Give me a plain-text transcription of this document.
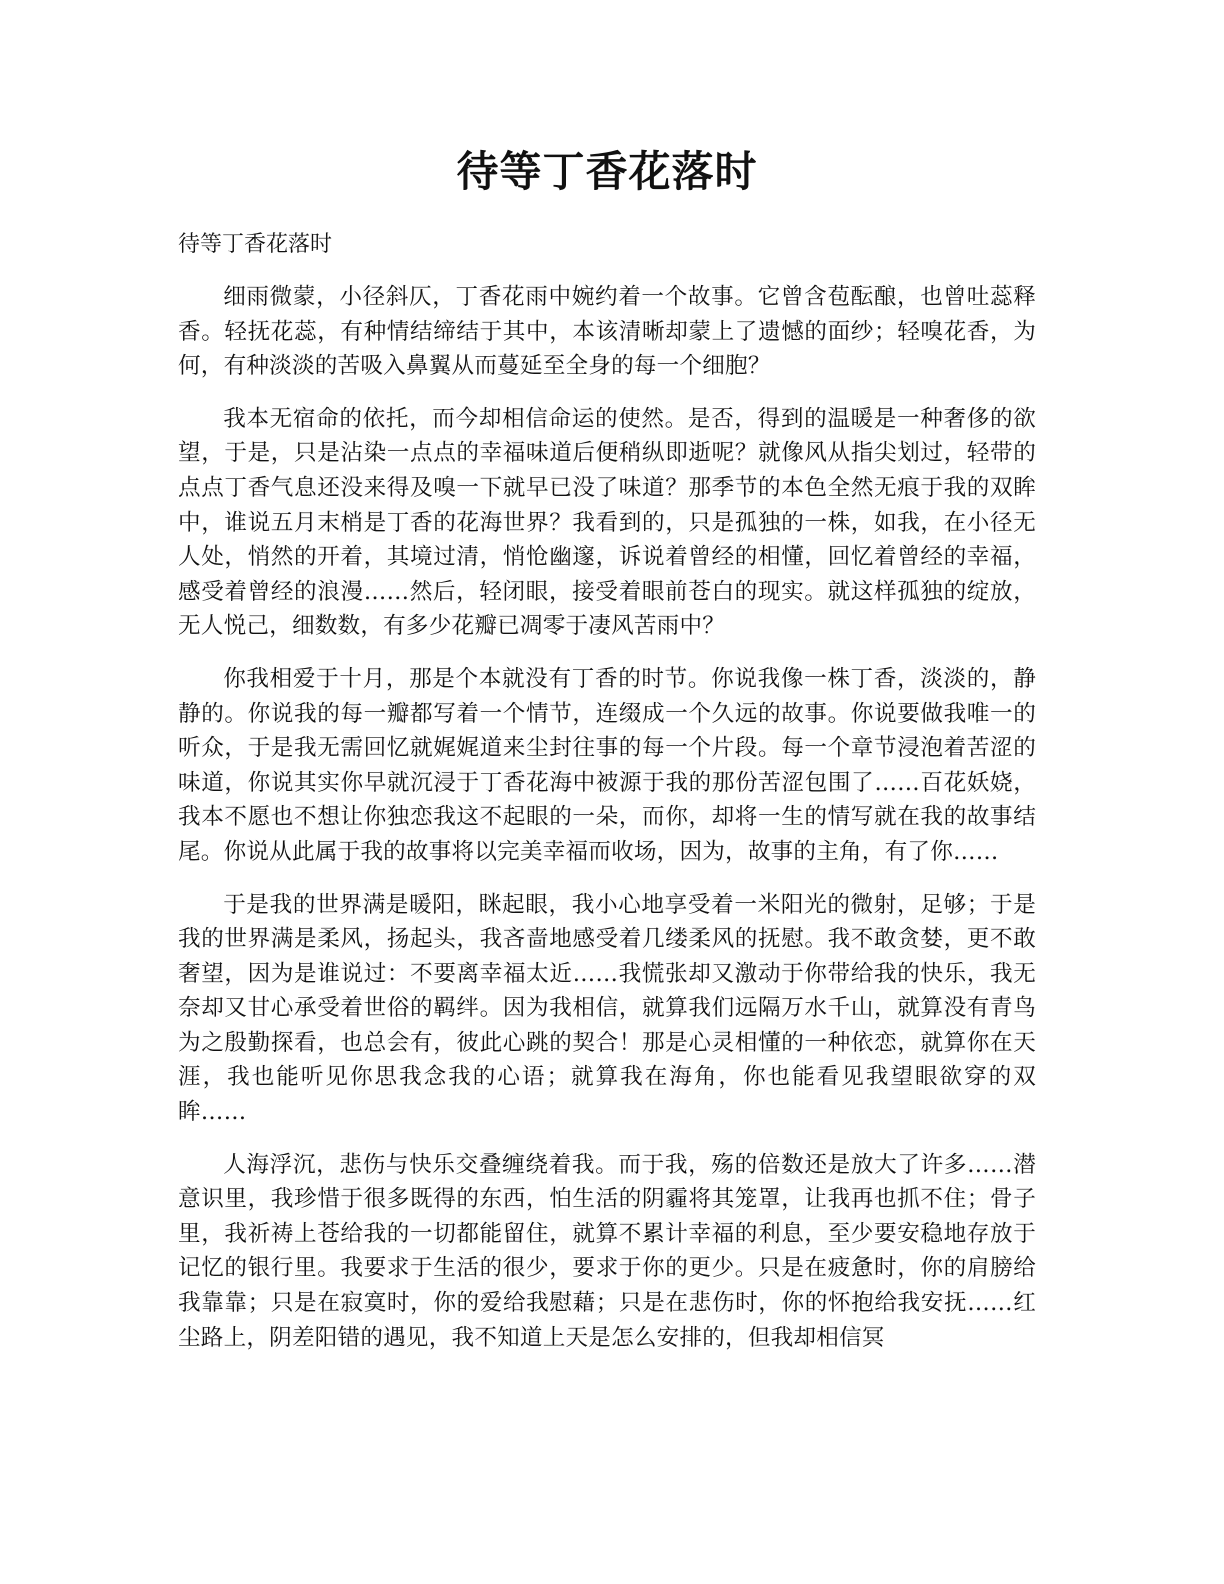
待等丁香花落时

待等丁香花落时

细雨微蒙，小径斜仄，丁香花雨中婉约着一个故事。它曾含苞酝酿，也曾吐蕊释香。轻抚花蕊，有种情结缔结于其中，本该清晰却蒙上了遗憾的面纱；轻嗅花香，为何，有种淡淡的苦吸入鼻翼从而蔓延至全身的每一个细胞？

我本无宿命的依托，而今却相信命运的使然。是否，得到的温暖是一种奢侈的欲望，于是，只是沾染一点点的幸福味道后便稍纵即逝呢？就像风从指尖划过，轻带的点点丁香气息还没来得及嗅一下就早已没了味道？那季节的本色全然无痕于我的双眸中，谁说五月末梢是丁香的花海世界？我看到的，只是孤独的一株，如我，在小径无人处，悄然的开着，其境过清，悄怆幽邃，诉说着曾经的相懂，回忆着曾经的幸福，感受着曾经的浪漫……然后，轻闭眼，接受着眼前苍白的现实。就这样孤独的绽放，无人悦己，细数数，有多少花瓣已凋零于凄风苦雨中？

你我相爱于十月，那是个本就没有丁香的时节。你说我像一株丁香，淡淡的，静静的。你说我的每一瓣都写着一个情节，连缀成一个久远的故事。你说要做我唯一的听众，于是我无需回忆就娓娓道来尘封往事的每一个片段。每一个章节浸泡着苦涩的味道，你说其实你早就沉浸于丁香花海中被源于我的那份苦涩包围了……百花妖娆，我本不愿也不想让你独恋我这不起眼的一朵，而你，却将一生的情写就在我的故事结尾。你说从此属于我的故事将以完美幸福而收场，因为，故事的主角，有了你……

于是我的世界满是暖阳，眯起眼，我小心地享受着一米阳光的微射，足够；于是我的世界满是柔风，扬起头，我吝啬地感受着几缕柔风的抚慰。我不敢贪婪，更不敢奢望，因为是谁说过：不要离幸福太近……我慌张却又激动于你带给我的快乐，我无奈却又甘心承受着世俗的羁绊。因为我相信，就算我们远隔万水千山，就算没有青鸟为之殷勤探看，也总会有，彼此心跳的契合！那是心灵相懂的一种依恋，就算你在天涯，我也能听见你思我念我的心语；就算我在海角，你也能看见我望眼欲穿的双眸……

人海浮沉，悲伤与快乐交叠缠绕着我。而于我，殇的倍数还是放大了许多……潜意识里，我珍惜于很多既得的东西，怕生活的阴霾将其笼罩，让我再也抓不住；骨子里，我祈祷上苍给我的一切都能留住，就算不累计幸福的利息，至少要安稳地存放于记忆的银行里。我要求于生活的很少，要求于你的更少。只是在疲惫时，你的肩膀给我靠靠；只是在寂寞时，你的爱给我慰藉；只是在悲伤时，你的怀抱给我安抚……红尘路上，阴差阳错的遇见，我不知道上天是怎么安排的，但我却相信冥
